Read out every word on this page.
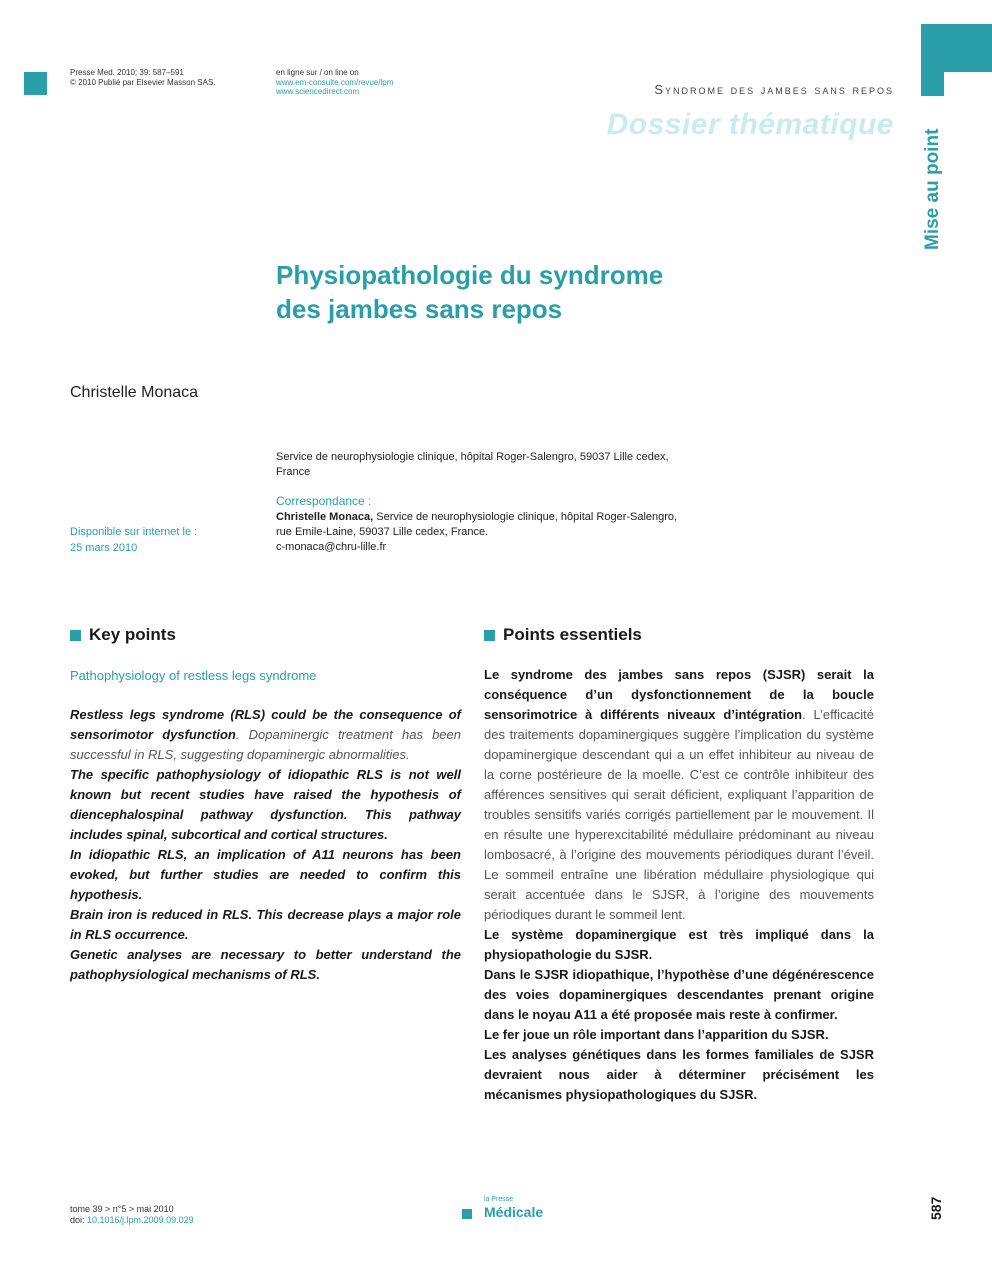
Presse Med. 2010; 39: 587–591
© 2010 Publié par Elsevier Masson SAS.
en ligne sur / on line on
www.em-consulte.com/revue/lpm
www.sciencedirect.com	Syndrome des jambes sans repos
Dossier thématique
Mise au point
Physiopathologie du syndrome
des jambes sans repos
Christelle Monaca
Service de neurophysiologie clinique, hôpital Roger-Salengro, 59037 Lille cedex,
France
Correspondance :
Christelle Monaca, Service de neurophysiologie clinique, hôpital Roger-Salengro,
rue Emile-Laine, 59037 Lille cedex, France.
c-monaca@chru-lille.fr
Disponible sur internet le :
25 mars 2010
Key points
Pathophysiology of restless legs syndrome

Restless legs syndrome (RLS) could be the consequence of sensorimotor dysfunction. Dopaminergic treatment has been successful in RLS, suggesting dopaminergic abnormalities.

The specific pathophysiology of idiopathic RLS is not well known but recent studies have raised the hypothesis of diencephalospinal pathway dysfunction. This pathway includes spinal, subcortical and cortical structures.

In idiopathic RLS, an implication of A11 neurons has been evoked, but further studies are needed to confirm this hypothesis.

Brain iron is reduced in RLS. This decrease plays a major role in RLS occurrence.

Genetic analyses are necessary to better understand the pathophysiological mechanisms of RLS.

Points essentiels

Le syndrome des jambes sans repos (SJSR) serait la conséquence d’un dysfonctionnement de la boucle sensorimotrice à différents niveaux d’intégration. L’efficacité des traitements dopaminergiques suggère l’implication du système dopaminergique descendant qui a un effet inhibiteur au niveau de la corne postérieure de la moelle. C’est ce contrôle inhibiteur des afférences sensitives qui serait déficient, expliquant l’apparition de troubles sensitifs variés corrigés partiellement par le mouvement. Il en résulte une hyperexcitabilité médullaire prédominant au niveau lombosacré, à l’origine des mouvements périodiques durant l’éveil. Le sommeil entraîne une libération médullaire physiologique qui serait accentuée dans le SJSR, à l’origine des mouvements périodiques durant le sommeil lent.

Le système dopaminergique est très impliqué dans la physiopathologie du SJSR.

Dans le SJSR idiopathique, l’hypothèse d’une dégénérescence des voies dopaminergiques descendantes prenant origine dans le noyau A11 a été proposée mais reste à confirmer.

Le fer joue un rôle important dans l’apparition du SJSR.

Les analyses génétiques dans les formes familiales de SJSR devraient nous aider à déterminer précisément les mécanismes physiopathologiques du SJSR.

tome 39 > n°5 > mai 2010
doi: 10.1016/j.lpm.2009.09.029
la Presse
Médicale	587
